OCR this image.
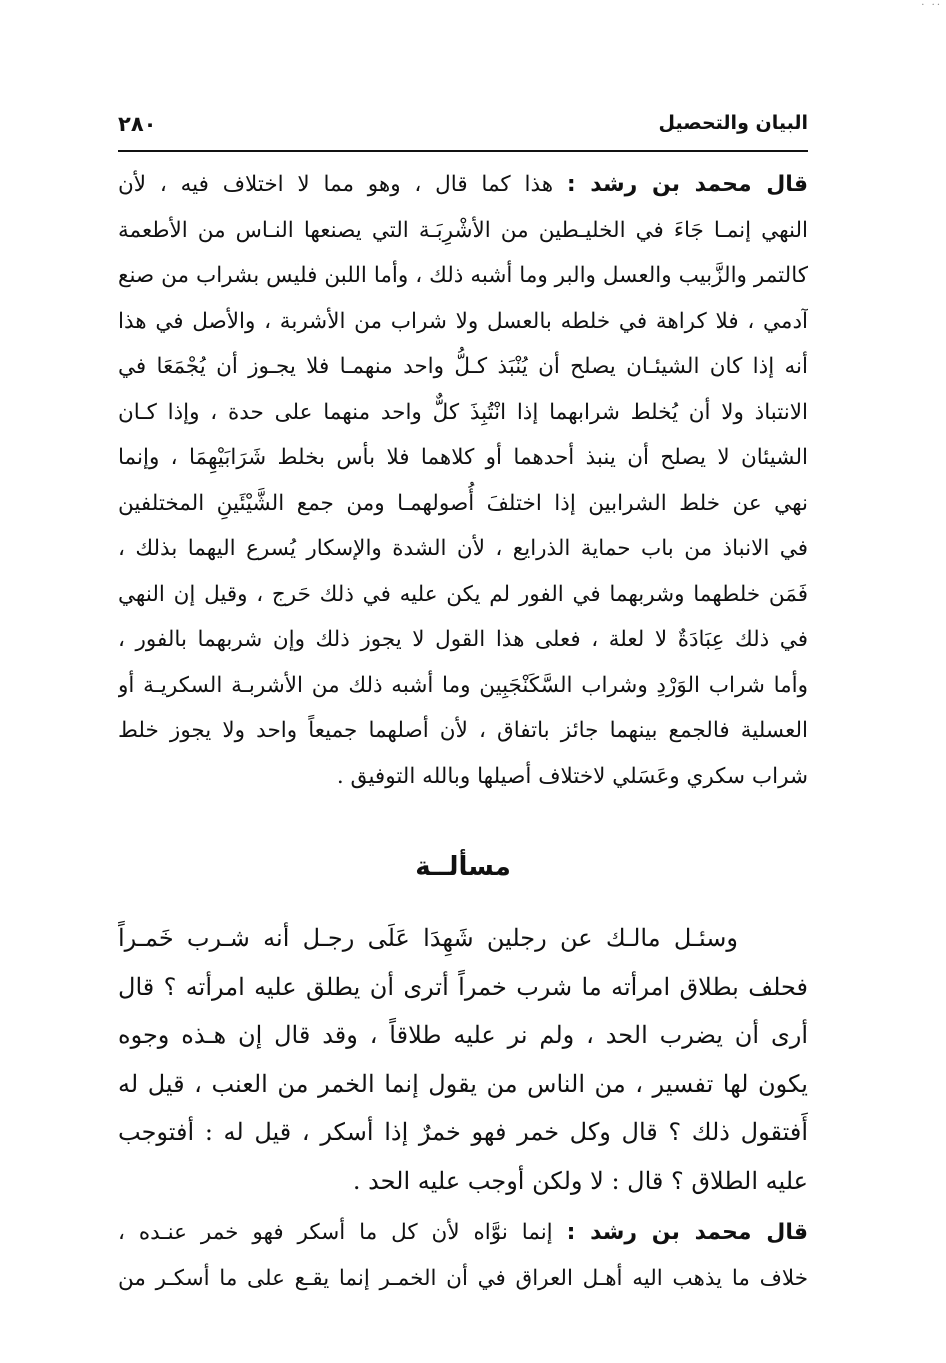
·· ·
البيان والتحصيل
٢٨٠
قال محمد بن رشد : هذا كما قال ، وهو مما لا اختلاف فيه ، لأن
النهي إنمـا جَاءَ في الخليـطين من الأشْرِبَـة التي يصنعها النـاس من الأطعمة
كالتمر والزَّبيب والعسل والبر وما أشبه ذلك ، وأما اللبن فليس بشراب من صنع
آدمي ، فلا كراهة في خلطه بالعسل ولا شراب من الأشربة ، والأصل في هذا
أنه إذا كان الشيئـان يصلح أن يُنْبَذ كـلُّ واحد منهمـا فلا يجـوز أن يُجْمَعَا في
الانتباذ ولا أن يُخلط شرابهما إذا انْتُبِذَ كلٌّ واحد منهما على حدة ، وإذا كـان
الشيئان لا يصلح أن ينبذ أحدهما أو كلاهما فلا بأس بخلط شَرَابَيْهِمَا ، وإنما
نهي عن خلط الشرابين إذا اختلفَ أُصولهمـا ومن جمع الشَّيْئَينِ المختلفين
في الانباذ من باب حماية الذرايع ، لأن الشدة والإسكار يُسرع اليهما بذلك ،
فَمَن خلطهما وشربهما في الفور لم يكن عليه في ذلك حَرج ، وقيل إن النهي
في ذلك عِبَادَةٌ لا لعلة ، فعلى هذا القول لا يجوز ذلك وإن شربهما بالفور ،
وأما شراب الوَرْدِ وشراب السَّكَنْجَبِين وما أشبه ذلك من الأشربـة السكريـة أو
العسلية فالجمع بينهما جائز باتفاق ، لأن أصلهما جميعاً واحد ولا يجوز خلط
شراب سكري وعَسَلي لاختلاف أصيلها وبالله التوفيق .
مسألــة
وسئـل مالـك عن رجلين شَهِدَا عَلَى رجـل أنه شـرب خَمـراً
فحلف بطلاق امرأته ما شرب خمراً أترى أن يطلق عليه امرأته ؟ قال
أرى أن يضرب الحد ، ولم نر عليه طلاقاً ، وقد قال إن هـذه وجوه
يكون لها تفسير ، من الناس من يقول إنما الخمر من العنب ، قيل له
أَفتقول ذلك ؟ قال وكل خمر فهو خمرٌ إذا أسكر ، قيل له : أفتوجب
عليه الطلاق ؟ قال : لا ولكن أوجب عليه الحد .
قال محمد بن رشد : إنما نوَّاه لأن كل ما أسكر فهو خمر عنـده ،
خلاف ما يذهب اليه أهـل العراق في أن الخمـر إنما يقـع على ما أسكـر من
